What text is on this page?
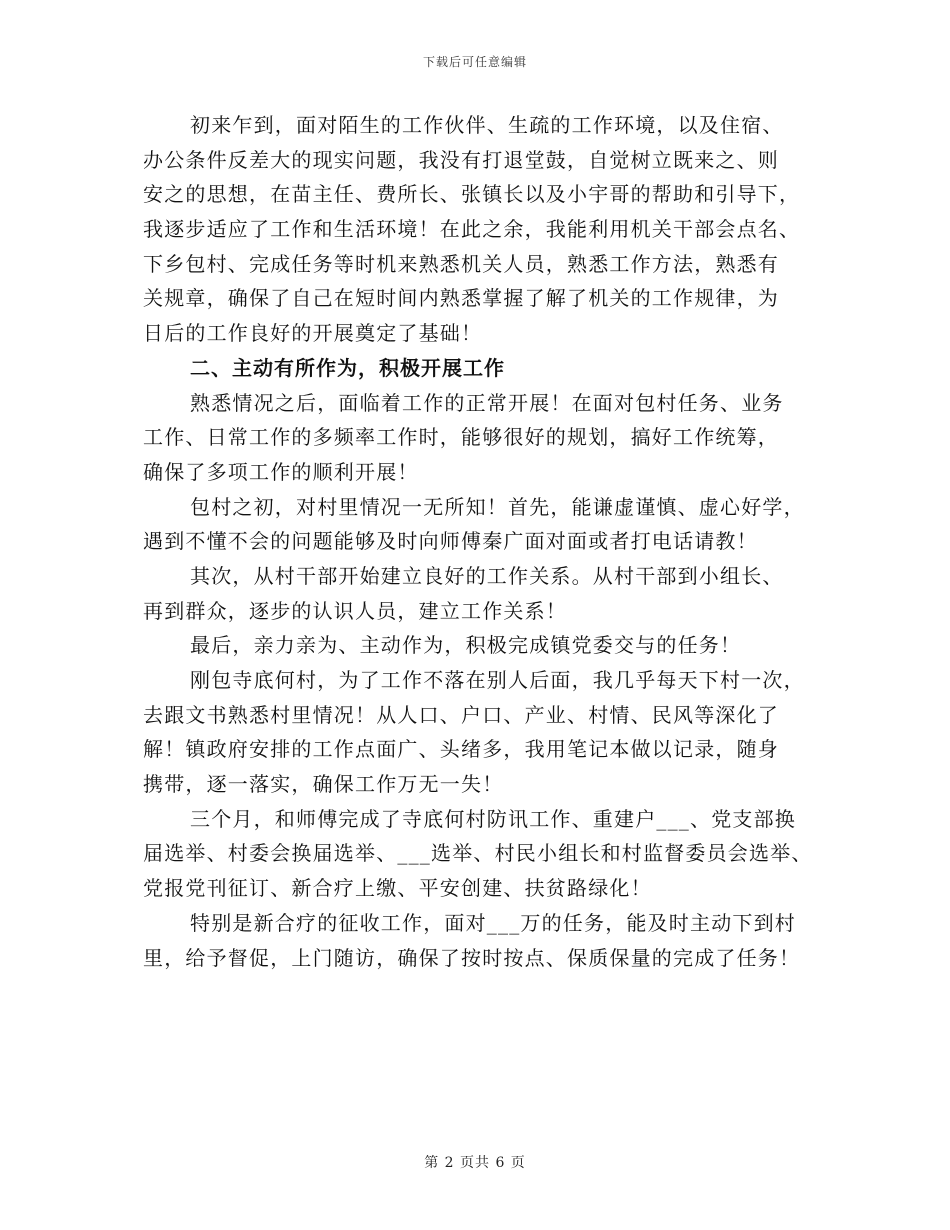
下载后可任意编辑
初来乍到，面对陌生的工作伙伴、生疏的工作环境，以及住宿、
办公条件反差大的现实问题，我没有打退堂鼓，自觉树立既来之、则
安之的思想，在苗主任、费所长、张镇长以及小宇哥的帮助和引导下，
我逐步适应了工作和生活环境！在此之余，我能利用机关干部会点名、
下乡包村、完成任务等时机来熟悉机关人员，熟悉工作方法，熟悉有
关规章，确保了自己在短时间内熟悉掌握了解了机关的工作规律，为
日后的工作良好的开展奠定了基础！
二、主动有所作为，积极开展工作
熟悉情况之后，面临着工作的正常开展！在面对包村任务、业务
工作、日常工作的多频率工作时，能够很好的规划，搞好工作统筹，
确保了多项工作的顺利开展！
包村之初，对村里情况一无所知！首先，能谦虚谨慎、虚心好学，
遇到不懂不会的问题能够及时向师傅秦广面对面或者打电话请教！
其次，从村干部开始建立良好的工作关系。从村干部到小组长、
再到群众，逐步的认识人员，建立工作关系！
最后，亲力亲为、主动作为，积极完成镇党委交与的任务！
刚包寺底何村，为了工作不落在别人后面，我几乎每天下村一次，
去跟文书熟悉村里情况！从人口、户口、产业、村情、民风等深化了
解！镇政府安排的工作点面广、头绪多，我用笔记本做以记录，随身
携带，逐一落实，确保工作万无一失！
三个月，和师傅完成了寺底何村防讯工作、重建户___、党支部换
届选举、村委会换届选举、___选举、村民小组长和村监督委员会选举、
党报党刊征订、新合疗上缴、平安创建、扶贫路绿化！
特别是新合疗的征收工作，面对___万的任务，能及时主动下到村
里，给予督促，上门随访，确保了按时按点、保质保量的完成了任务！
第 2 页共 6 页
